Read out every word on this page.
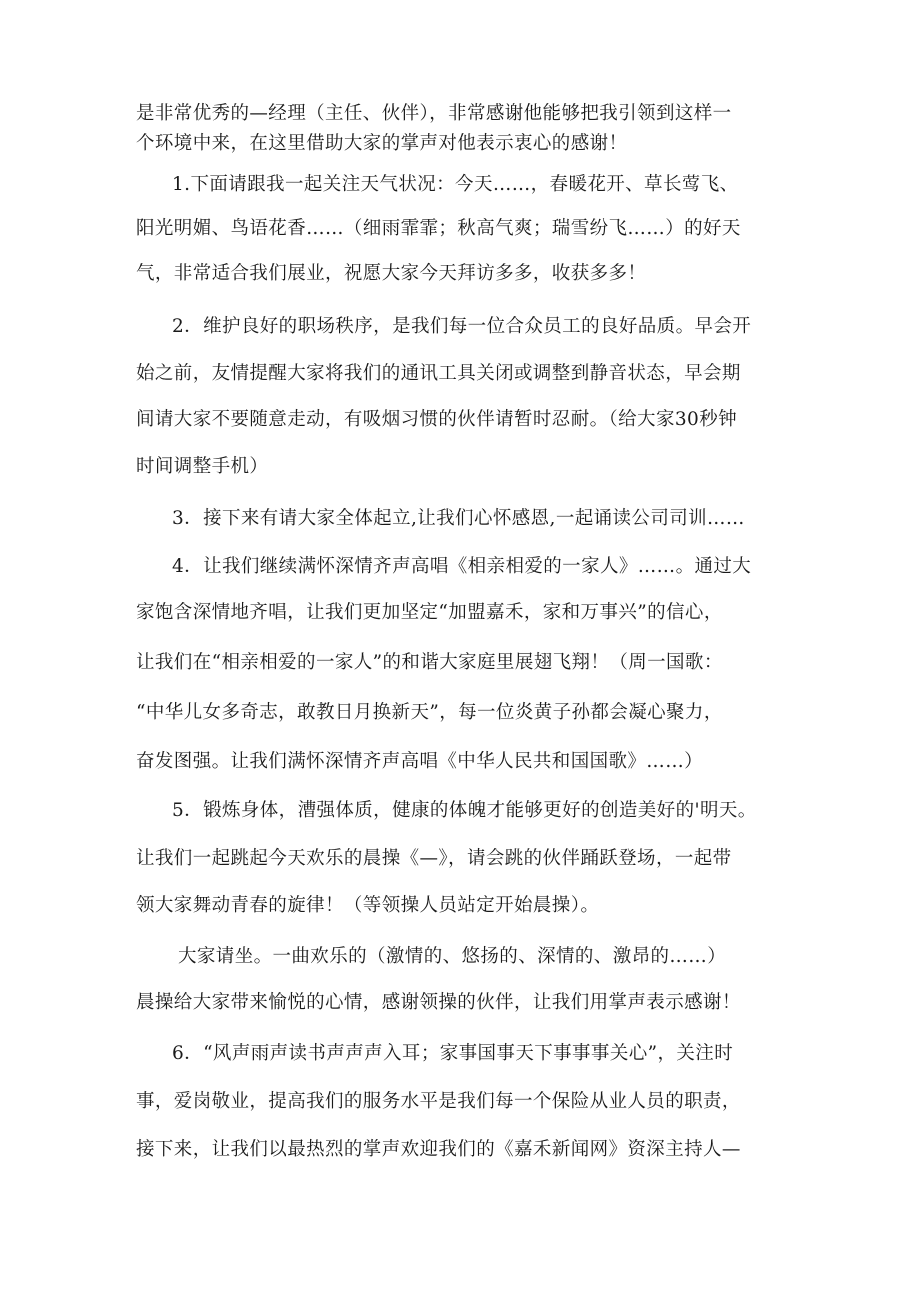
是非常优秀的—经理（主任、伙伴），非常感谢他能够把我引领到这样一
个环境中来，在这里借助大家的掌声对他表示衷心的感谢！
1.下面请跟我一起关注天气状况：今天……，春暖花开、草长莺飞、
阳光明媚、鸟语花香……（细雨霏霏；秋高气爽；瑞雪纷飞……）的好天
气，非常适合我们展业，祝愿大家今天拜访多多，收获多多！
2．维护良好的职场秩序，是我们每一位合众员工的良好品质。早会开
始之前，友情提醒大家将我们的通讯工具关闭或调整到静音状态，早会期
间请大家不要随意走动，有吸烟习惯的伙伴请暂时忍耐。（给大家30秒钟
时间调整手机）
3．接下来有请大家全体起立,让我们心怀感恩,一起诵读公司司训……
4．让我们继续满怀深情齐声高唱《相亲相爱的一家人》……。通过大
家饱含深情地齐唱，让我们更加坚定“加盟嘉禾，家和万事兴”的信心，
让我们在“相亲相爱的一家人”的和谐大家庭里展翅飞翔！（周一国歌：
“中华儿女多奇志，敢教日月换新天”，每一位炎黄子孙都会凝心聚力，
奋发图强。让我们满怀深情齐声高唱《中华人民共和国国歌》……）
5．锻炼身体，漕强体质，健康的体魄才能够更好的创造美好的'明天。
让我们一起跳起今天欢乐的晨操《—》，请会跳的伙伴踊跃登场，一起带
领大家舞动青春的旋律！（等领操人员站定开始晨操）。
大家请坐。一曲欢乐的（激情的、悠扬的、深情的、激昂的……）
晨操给大家带来愉悦的心情，感谢领操的伙伴，让我们用掌声表示感谢！
6．“风声雨声读书声声声入耳；家事国事天下事事事关心”，关注时
事，爱岗敬业，提高我们的服务水平是我们每一个保险从业人员的职责，
接下来，让我们以最热烈的掌声欢迎我们的《嘉禾新闻网》资深主持人—
